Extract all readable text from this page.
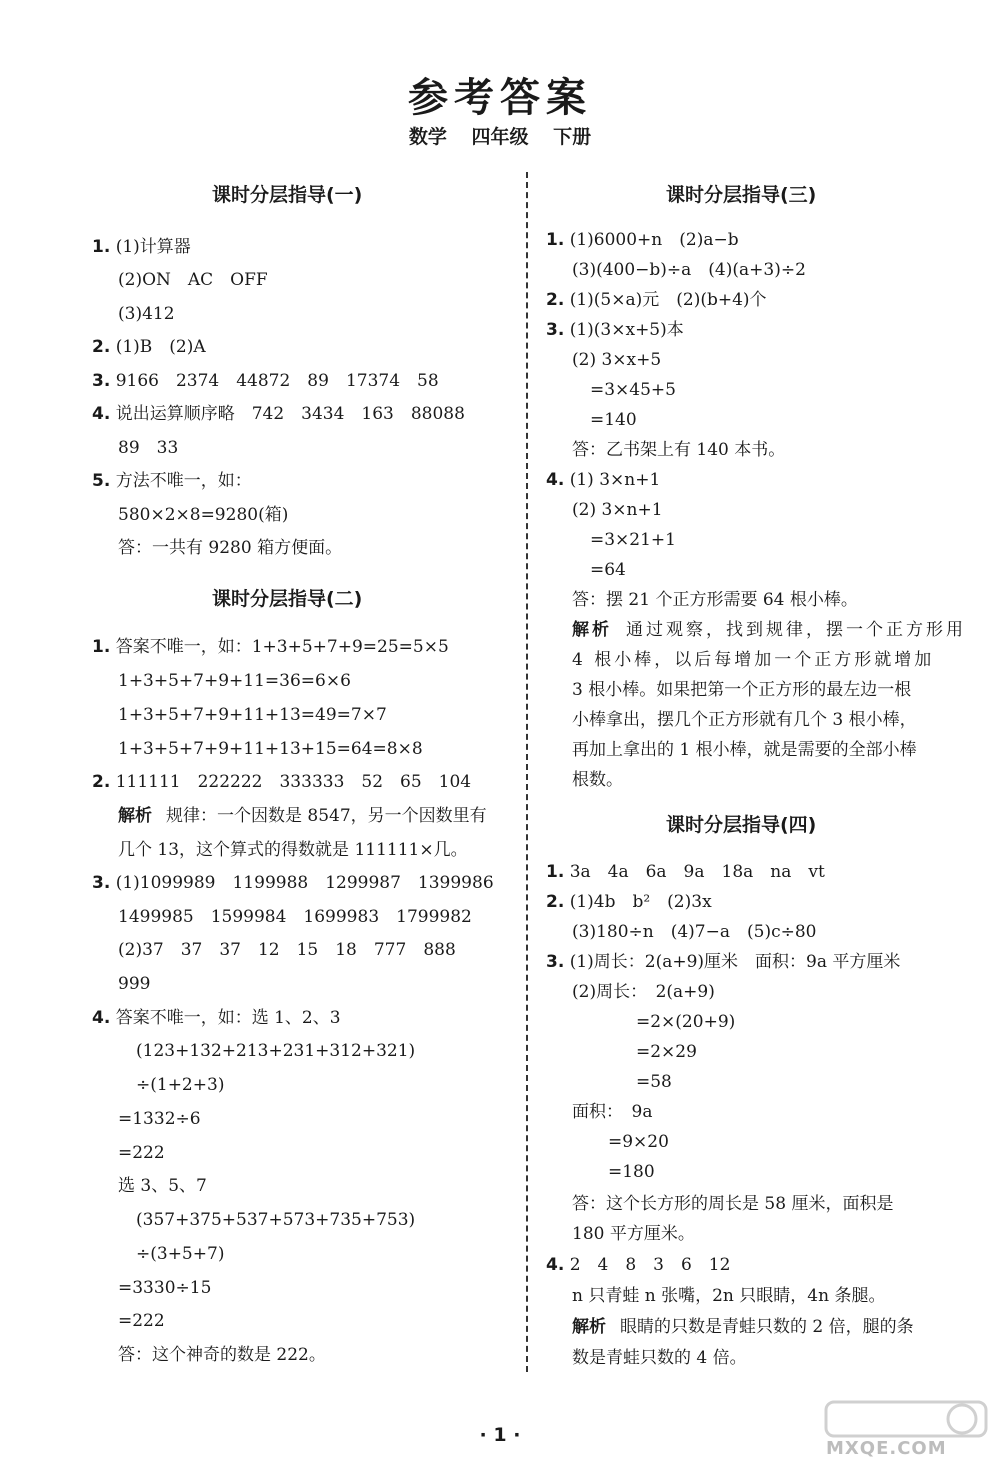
参考答案
数学 四年级 下册
课时分层指导(一)
1. (1)计算器
(2)ON　AC　OFF
(3)412
2. (1)B　(2)A
3. 9166　2374　44872　89　17374　58
4. 说出运算顺序略　742　3434　163　88088
89　33
5. 方法不唯一，如：
580×2×8=9280(箱)
答：一共有 9280 箱方便面。
课时分层指导(二)
1. 答案不唯一，如：1+3+5+7+9=25=5×5
1+3+5+7+9+11=36=6×6
1+3+5+7+9+11+13=49=7×7
1+3+5+7+9+11+13+15=64=8×8
2. 111111　222222　333333　52　65　104
解析 规律：一个因数是 8547，另一个因数里有
几个 13，这个算式的得数就是 111111×几。
3. (1)1099989　1199988　1299987　1399986
1499985　1599984　1699983　1799982
(2)37　37　37　12　15　18　777　888
999
4. 答案不唯一，如：选 1、2、3
(123+132+213+231+312+321)
÷(1+2+3)
=1332÷6
=222
选 3、5、7
(357+375+537+573+735+753)
÷(3+5+7)
=3330÷15
=222
答：这个神奇的数是 222。
课时分层指导(三)
1. (1)6000+n　(2)a−b
(3)(400−b)÷a　(4)(a+3)÷2
2. (1)(5×a)元　(2)(b+4)个
3. (1)(3×x+5)本
(2) 3×x+5
=3×45+5
=140
答：乙书架上有 140 本书。
4. (1) 3×n+1
(2) 3×n+1
=3×21+1
=64
答：摆 21 个正方形需要 64 根小棒。
解析 通过观察，找到规律，摆一个正方形用
4 根小棒，以后每增加一个正方形就增加
3 根小棒。如果把第一个正方形的最左边一根
小棒拿出，摆几个正方形就有几个 3 根小棒，
再加上拿出的 1 根小棒，就是需要的全部小棒
根数。
课时分层指导(四)
1. 3a　4a　6a　9a　18a　na　vt
2. (1)4b　b²　(2)3x
(3)180÷n　(4)7−a　(5)c÷80
3. (1)周长：2(a+9)厘米　面积：9a 平方厘米
(2)周长：　2(a+9)
=2×(20+9)
=2×29
=58
面积：　9a
=9×20
=180
答：这个长方形的周长是 58 厘米，面积是
180 平方厘米。
4. 2　4　8　3　6　12
n 只青蛙 n 张嘴，2n 只眼睛，4n 条腿。
解析 眼睛的只数是青蛙只数的 2 倍，腿的条
数是青蛙只数的 4 倍。
· 1 ·
MXQE.COM
